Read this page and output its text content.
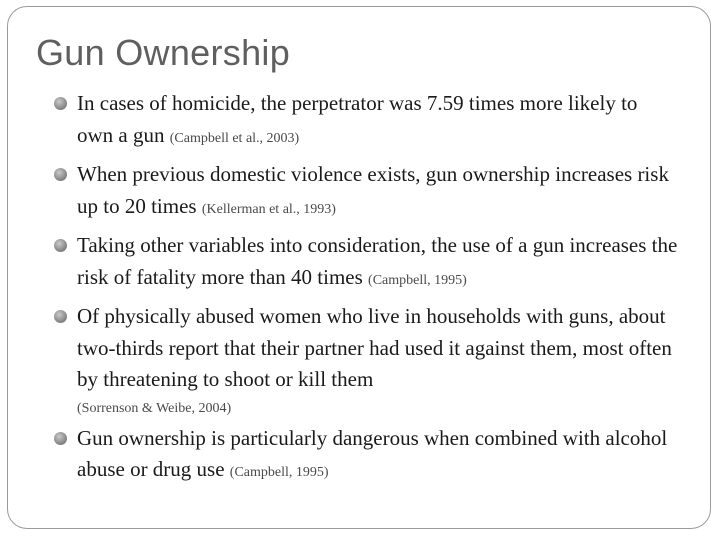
Gun Ownership
In cases of homicide, the perpetrator was 7.59 times more likely to own a gun (Campbell et al., 2003)
When previous domestic violence exists, gun ownership increases risk up to 20 times (Kellerman et al., 1993)
Taking other variables into consideration, the use of a gun increases the risk of fatality more than 40 times (Campbell, 1995)
Of physically abused women who live in households with guns, about two-thirds report that their partner had used it against them, most often by threatening to shoot or kill them
(Sorrenson & Weibe, 2004)
Gun ownership is particularly dangerous when combined with alcohol abuse or drug use (Campbell, 1995)
